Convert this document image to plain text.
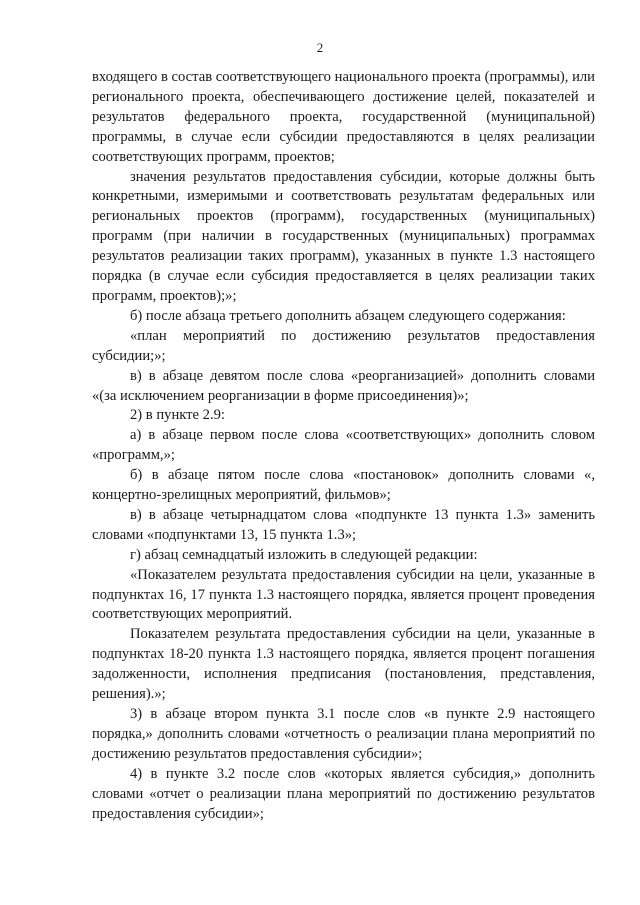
2

входящего в состав соответствующего национального проекта (программы), или регионального проекта, обеспечивающего достижение целей, показателей и результатов федерального проекта, государственной (муниципальной) программы, в случае если субсидии предоставляются в целях реализации соответствующих программ, проектов;

значения результатов предоставления субсидии, которые должны быть конкретными, измеримыми и соответствовать результатам федеральных или региональных проектов (программ), государственных (муниципальных) программ (при наличии в государственных (муниципальных) программах результатов реализации таких программ), указанных в пункте 1.3 настоящего порядка (в случае если субсидия предоставляется в целях реализации таких программ, проектов);»;

б) после абзаца третьего дополнить абзацем следующего содержания:

«план мероприятий по достижению результатов предоставления субсидии;»;

в) в абзаце девятом после слова «реорганизацией» дополнить словами «(за исключением реорганизации в форме присоединения)»;

2) в пункте 2.9:

а) в абзаце первом после слова «соответствующих» дополнить словом «программ,»;

б) в абзаце пятом после слова «постановок» дополнить словами «, концертно-зрелищных мероприятий, фильмов»;

в) в абзаце четырнадцатом слова «подпункте 13 пункта 1.3» заменить словами «подпунктами 13, 15 пункта 1.3»;

г) абзац семнадцатый изложить в следующей редакции:

«Показателем результата предоставления субсидии на цели, указанные в подпунктах 16, 17 пункта 1.3 настоящего порядка, является процент проведения соответствующих мероприятий.

Показателем результата предоставления субсидии на цели, указанные в подпунктах 18-20 пункта 1.3 настоящего порядка, является процент погашения задолженности, исполнения предписания (постановления, представления, решения).»;

3) в абзаце втором пункта 3.1 после слов «в пункте 2.9 настоящего порядка,» дополнить словами «отчетность о реализации плана мероприятий по достижению результатов предоставления субсидии»;

4) в пункте 3.2 после слов «которых является субсидия,» дополнить словами «отчет о реализации плана мероприятий по достижению результатов предоставления субсидии»;
